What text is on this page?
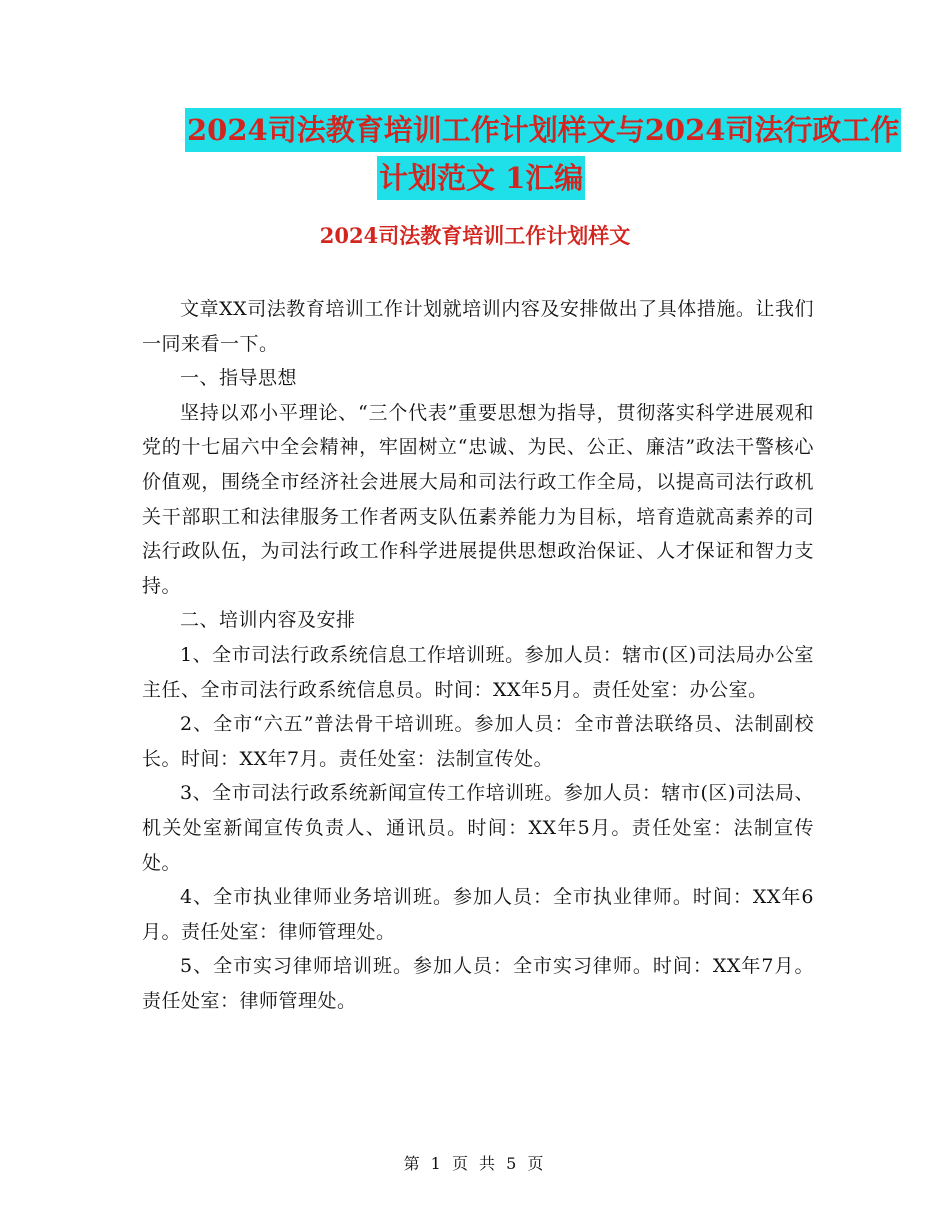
2024司法教育培训工作计划样文与2024司法行政工作
计划范文 1汇编
2024司法教育培训工作计划样文

文章XX司法教育培训工作计划就培训内容及安排做出了具体措施。让我们一同来看一下。

一、指导思想

坚持以邓小平理论、“三个代表”重要思想为指导，贯彻落实科学进展观和党的十七届六中全会精神，牢固树立“忠诚、为民、公正、廉洁”政法干警核心价值观，围绕全市经济社会进展大局和司法行政工作全局，以提高司法行政机关干部职工和法律服务工作者两支队伍素养能力为目标，培育造就高素养的司法行政队伍，为司法行政工作科学进展提供思想政治保证、人才保证和智力支持。

二、培训内容及安排

1、全市司法行政系统信息工作培训班。参加人员：辖市(区)司法局办公室主任、全市司法行政系统信息员。时间：XX年5月。责任处室：办公室。

2、全市“六五”普法骨干培训班。参加人员：全市普法联络员、法制副校长。时间：XX年7月。责任处室：法制宣传处。

3、全市司法行政系统新闻宣传工作培训班。参加人员：辖市(区)司法局、机关处室新闻宣传负责人、通讯员。时间：XX年5月。责任处室：法制宣传处。

4、全市执业律师业务培训班。参加人员：全市执业律师。时间：XX年6月。责任处室：律师管理处。

5、全市实习律师培训班。参加人员：全市实习律师。时间：XX年7月。责任处室：律师管理处。

第 1 页 共 5 页
